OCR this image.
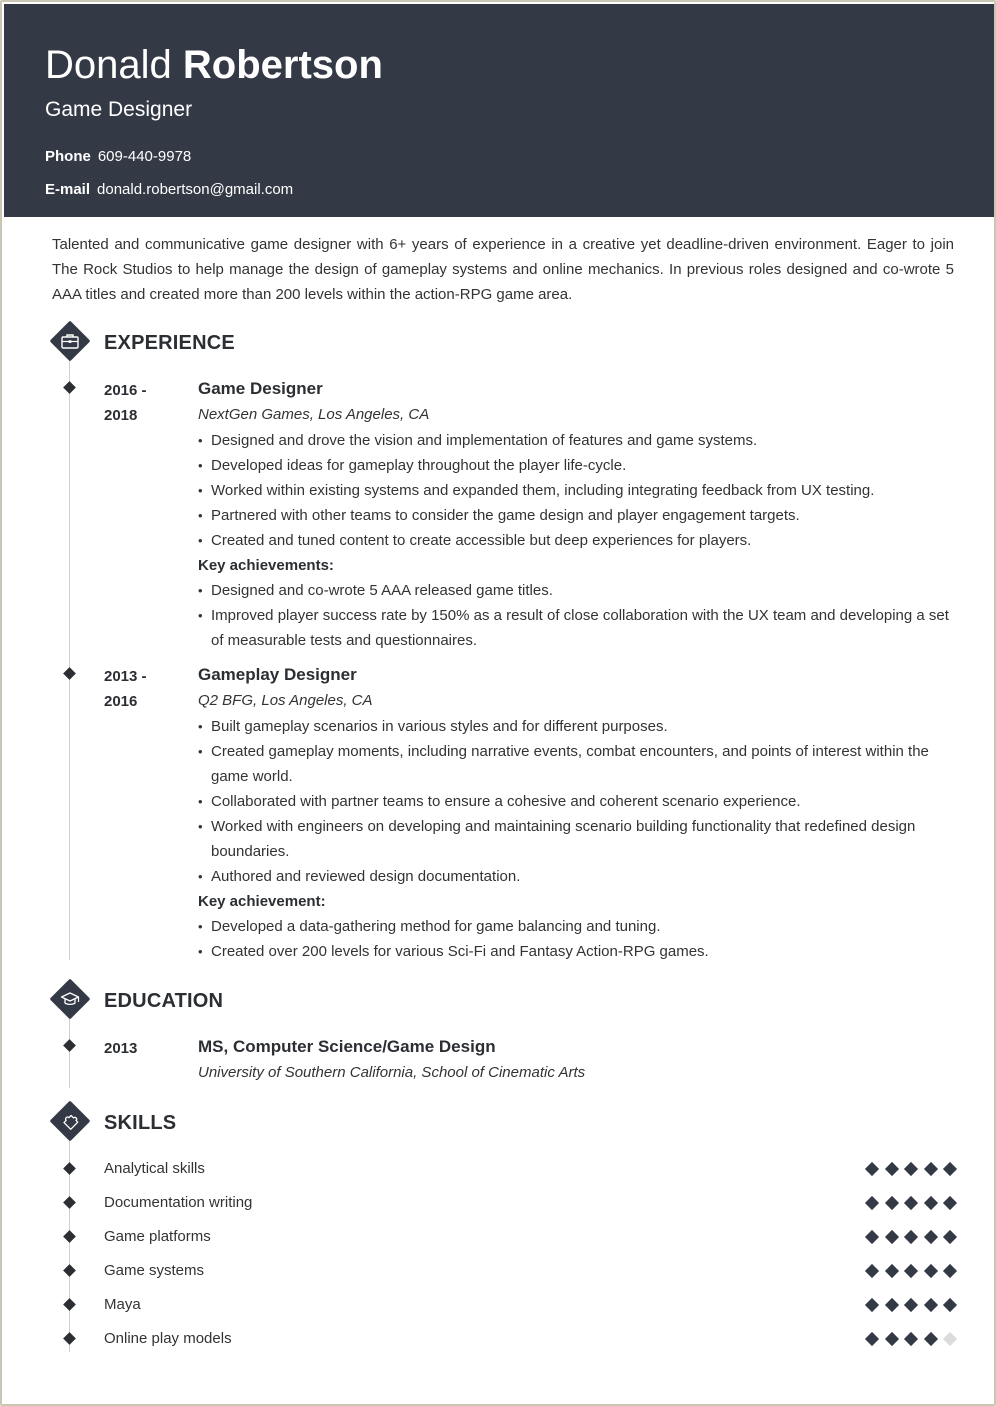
Donald Robertson
Game Designer
Phone 609-440-9978
E-mail donald.robertson@gmail.com

Talented and communicative game designer with 6+ years of experience in a creative yet deadline-driven environment. Eager to join The Rock Studios to help manage the design of gameplay systems and online mechanics. In previous roles designed and co-wrote 5 AAA titles and created more than 200 levels within the action-RPG game area.

EXPERIENCE
2016 -
2018
Game Designer
NextGen Games, Los Angeles, CA
• Designed and drove the vision and implementation of features and game systems.
• Developed ideas for gameplay throughout the player life-cycle.
• Worked within existing systems and expanded them, including integrating feedback from UX testing.
• Partnered with other teams to consider the game design and player engagement targets.
• Created and tuned content to create accessible but deep experiences for players.
Key achievements:
• Designed and co-wrote 5 AAA released game titles.
• Improved player success rate by 150% as a result of close collaboration with the UX team and developing a set of measurable tests and questionnaires.
2013 -
2016
Gameplay Designer
Q2 BFG, Los Angeles, CA
• Built gameplay scenarios in various styles and for different purposes.
• Created gameplay moments, including narrative events, combat encounters, and points of interest within the game world.
• Collaborated with partner teams to ensure a cohesive and coherent scenario experience.
• Worked with engineers on developing and maintaining scenario building functionality that redefined design boundaries.
• Authored and reviewed design documentation.
Key achievement:
• Developed a data-gathering method for game balancing and tuning.
• Created over 200 levels for various Sci-Fi and Fantasy Action-RPG games.
EDUCATION
2013	MS, Computer Science/Game Design
University of Southern California, School of Cinematic Arts
SKILLS
Analytical skills
Documentation writing
Game platforms
Game systems
Maya
Online play models
